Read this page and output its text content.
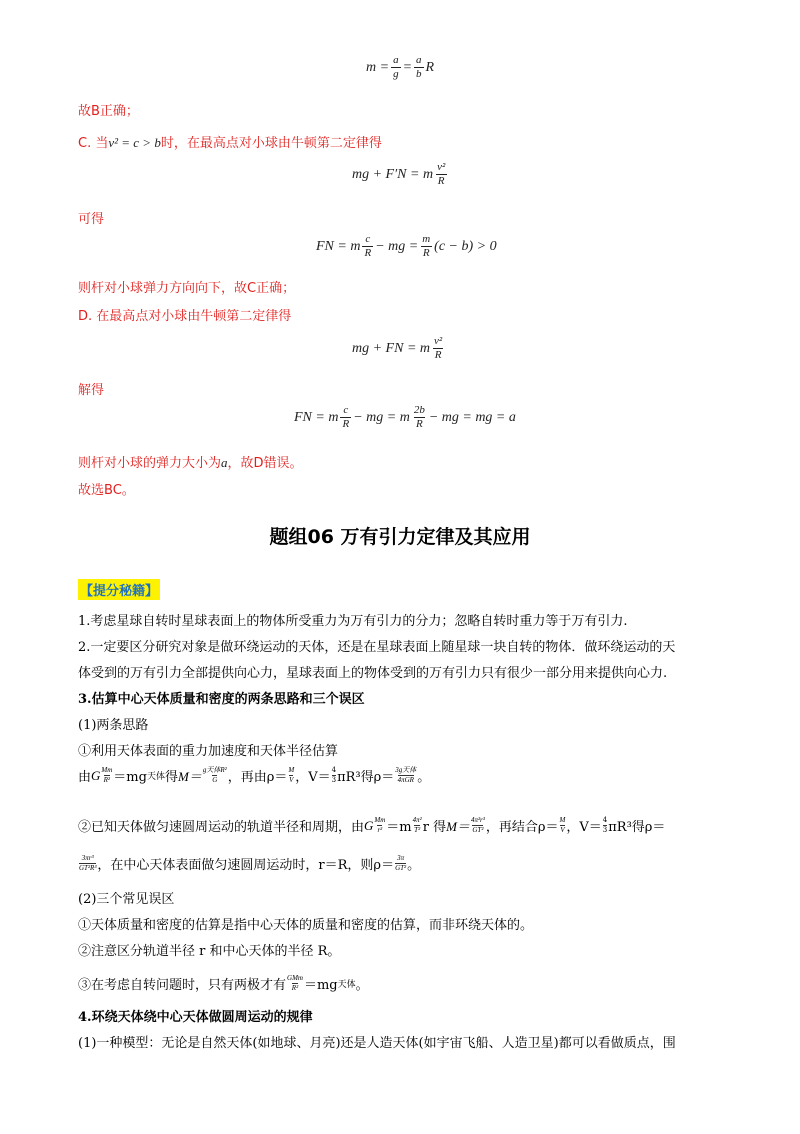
$m = \frac{a}{g} = \frac{a}{b}$ R
故B正确；
C. 当v² = c > b时，在最高点对小球由牛顿第二定律得
mg + F′N = m $\frac{\text{v²}}{R}$
可得
FN = m $\frac{c}{R}$ − mg = $\frac{m}{R} (c - b) > 0$
则杆对小球弹力方向向下，故C正确；
D. 在最高点对小球由牛顿第二定律得
mg + FN = m $\frac{\text{v²}}{R}$
解得
FN = m $\frac{c}{R}$ − mg = m $\frac{2b}{R}$ − mg = mg = a
则杆对小球的弹力大小为a，故D错误。
故选BC。
题组06 万有引力定律及其应用
【提分秘籍】
1.考虑星球自转时星球表面上的物体所受重力为万有引力的分力；忽略自转时重力等于万有引力.
2.一定要区分研究对象是做环绕运动的天体，还是在星球表面上随星球一块自转的物体．做环绕运动的天
体受到的万有引力全部提供向心力，星球表面上的物体受到的万有引力只有很少一部分用来提供向心力.
3.估算中心天体质量和密度的两条思路和三个误区
(1)两条思路
①利用天体表面的重力加速度和天体半径估算
由 G Mm
R² ＝mg 天体 得 M＝ g天体R²
G ，再由ρ＝ M
V ，V＝ 4
3 πR³得ρ＝ 3g天体
4πGR 。
②已知天体做匀速圆周运动的轨道半径和周期，由 G Mm
r² ＝m 4π²
T² r 得 M＝ 4π²r³
GT² ，再结合ρ＝ M
V ，V＝ 4
3 πR³得ρ＝
3πr³
GT²R³ ，在中心天体表面做匀速圆周运动时，r＝R，则ρ＝ 3π
GT² 。
(2)三个常见误区
①天体质量和密度的估算是指中心天体的质量和密度的估算，而非环绕天体的。
②注意区分轨道半径 r 和中心天体的半径 R。
③在考虑自转问题时，只有两极才有 GMm
R² ＝mg 天体 。
4.环绕天体绕中心天体做圆周运动的规律
(1)一种模型：无论是自然天体(如地球、月亮)还是人造天体(如宇宙飞船、人造卫星)都可以看做质点，围
